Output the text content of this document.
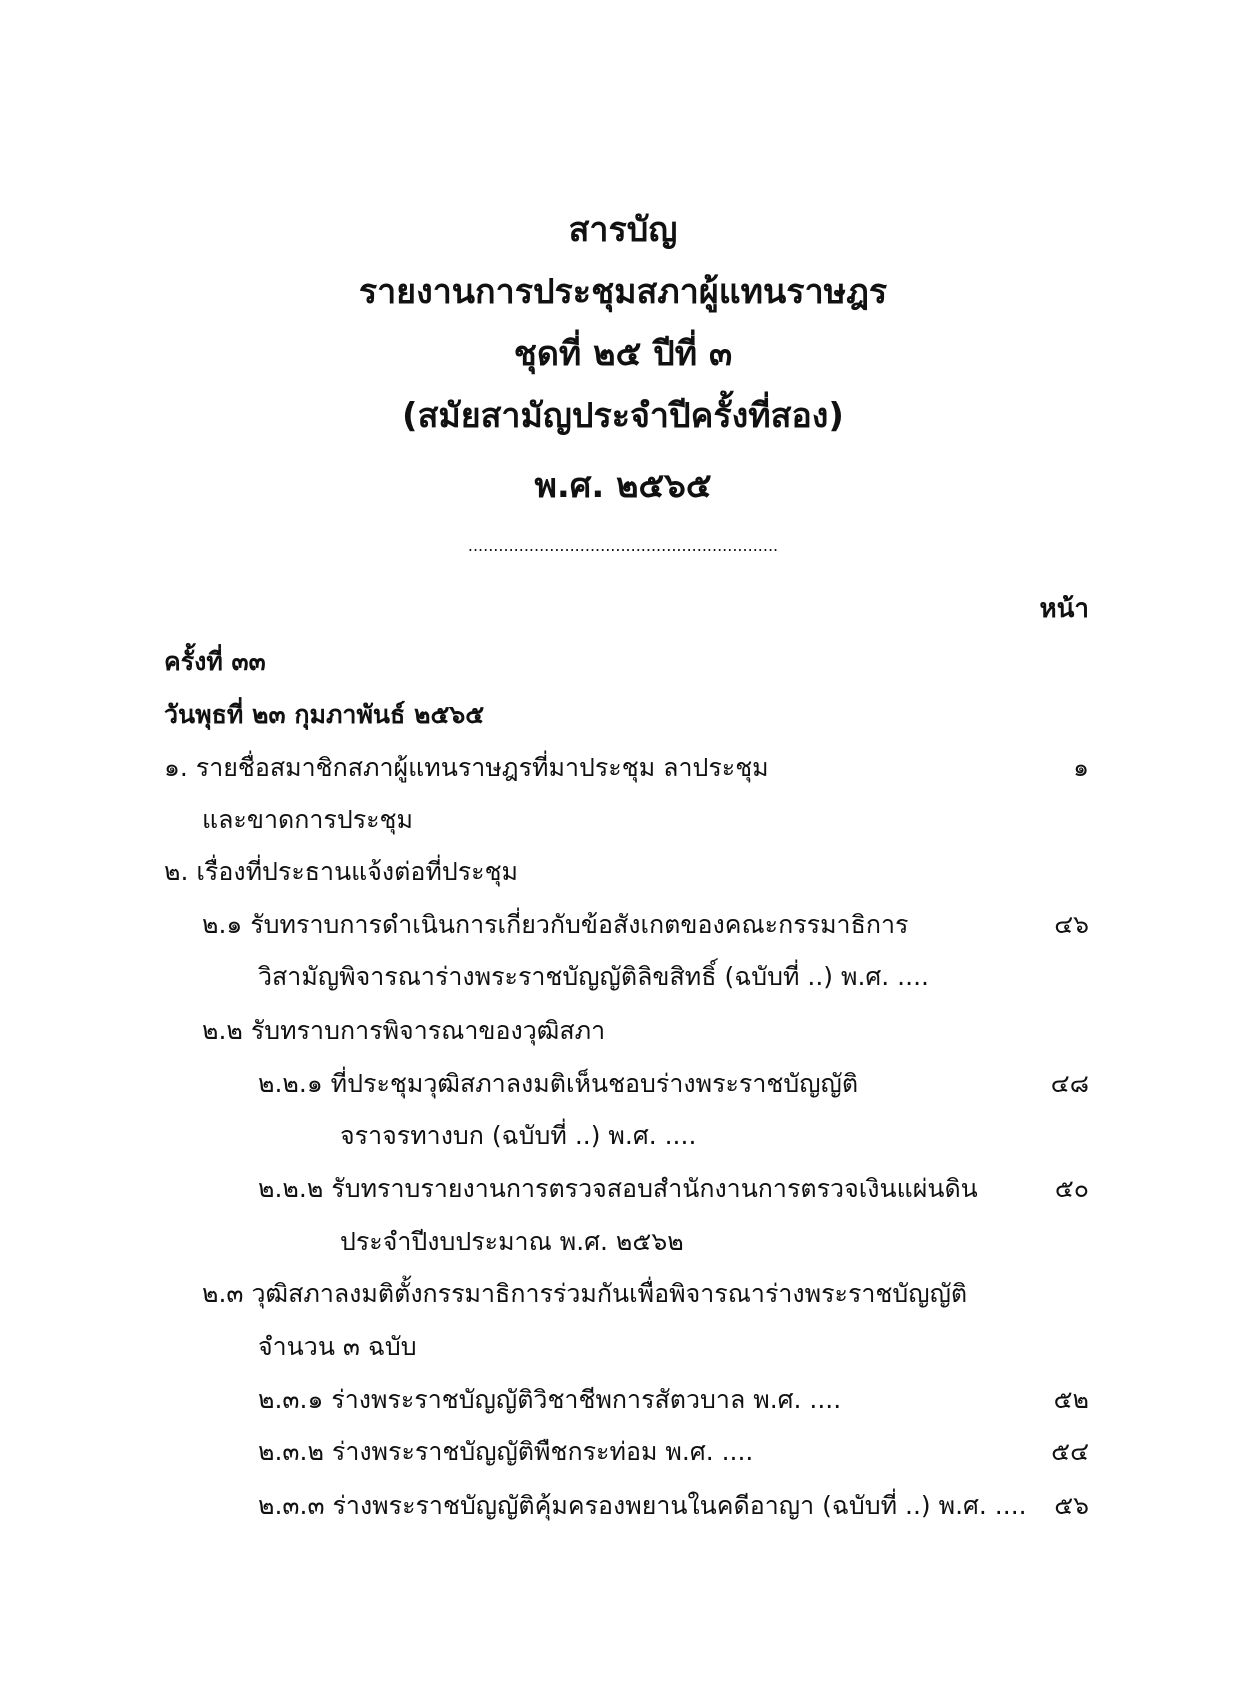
สารบัญ
รายงานการประชุมสภาผู้แทนราษฎร
ชุดที่ ๒๕ ปีที่ ๓
(สมัยสามัญประจำปีครั้งที่สอง)
พ.ศ. ๒๕๖๕
.............................................................
หน้า
ครั้งที่ ๓๓
วันพุธที่ ๒๓ กุมภาพันธ์ ๒๕๖๕
๑. รายชื่อสมาชิกสภาผู้แทนราษฎรที่มาประชุม ลาประชุม	๑
และขาดการประชุม
๒. เรื่องที่ประธานแจ้งต่อที่ประชุม
๒.๑ รับทราบการดำเนินการเกี่ยวกับข้อสังเกตของคณะกรรมาธิการ	๔๖
วิสามัญพิจารณาร่างพระราชบัญญัติลิขสิทธิ์ (ฉบับที่ ..) พ.ศ. ....
๒.๒ รับทราบการพิจารณาของวุฒิสภา
๒.๒.๑ ที่ประชุมวุฒิสภาลงมติเห็นชอบร่างพระราชบัญญัติ	๔๘
จราจรทางบก (ฉบับที่ ..) พ.ศ. ....
๒.๒.๒ รับทราบรายงานการตรวจสอบสำนักงานการตรวจเงินแผ่นดิน	๕๐
ประจำปีงบประมาณ พ.ศ. ๒๕๖๒
๒.๓ วุฒิสภาลงมติตั้งกรรมาธิการร่วมกันเพื่อพิจารณาร่างพระราชบัญญัติ
จำนวน ๓ ฉบับ
๒.๓.๑ ร่างพระราชบัญญัติวิชาชีพการสัตวบาล พ.ศ. ....	๕๒
๒.๓.๒ ร่างพระราชบัญญัติพืชกระท่อม พ.ศ. ....	๕๔
๒.๓.๓ ร่างพระราชบัญญัติคุ้มครองพยานในคดีอาญา (ฉบับที่ ..) พ.ศ. .... ๕๖
